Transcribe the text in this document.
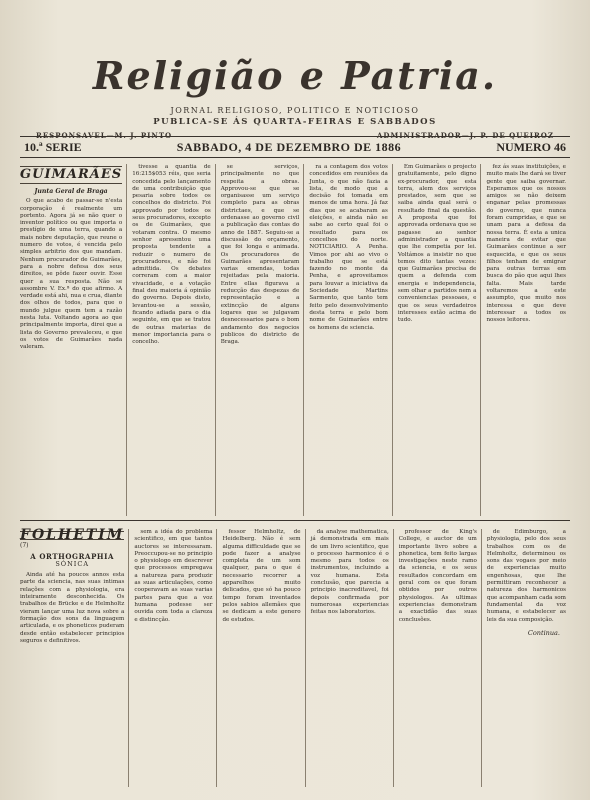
Religião e Patria.
JORNAL RELIGIOSO, POLITICO E NOTICIOSO
PUBLICA-SE ÁS QUARTA-FEIRAS E SABBADOS
RESPONSAVEL—M. J. PINTO	ADMINISTRADOR—J. P. DE QUEIROZ
10.ª SERIE	SABBADO, 4 DE DEZEMBRO DE 1886	NUMERO 46
GUIMARÃES
Junta Geral de Braga

O que acabo de passar-se n'esta corporação é realmente um portento. Agora já se não quer o inventor político ou que importa o prestígio de uma terra, quando a mais nobre deputação, que reune o numero de votos, é vencida pelo simples arbitrio dos que mandam. Nenhum procurador de Guimarães, para a nobre defesa dos seus direitos, se pôde fazer ouvir. Esse quer a sua resposta. Não se assombre V. Ex.ª do que afirmo. A verdade está ahi, nua e crua, diante dos olhos de todos, para que o mundo julgue quem tem a razão nesta luta. Voltando agora ao que principalmente importa, direi que a lista do Governo prevaleceu, e que os votos de Guimarães nada valeram.

tivesse a quantia de 16:215$053 réis, que seria concedida pelo lançamento de uma contribuição que pesaria sobre todos os concelhos do districto. Foi approvado por todos os seus procuradores, excepto os de Guimarães, que votaram contra. O mesmo senhor apresentou uma proposta tendente a reduzir o numero de procuradores, e não foi admittida. Os debates correram com a maior vivacidade, e a votação final deu maioria á opinião do governo. Depois disto, levantou-se a sessão, ficando adiada para o dia seguinte, em que se tratou de outras materias de menor importancia para o concelho.

se serviços, principalmente no que respeita a obras. Approvou-se que se organisasse um serviço completo para as obras districtaes, e que se ordenasse ao governo civil a publicação das contas do anno de 1887. Seguiu-se a discussão do orçamento, que foi longa e animada. Os procuradores de Guimarães apresentaram varias emendas, todas rejeitadas pela maioria. Entre ellas figurava a reducção das despezas de representação e a extincção de alguns logares que se julgavam desnecessarios para o bom andamento dos negocios publicos do districto de Braga.

ra a contagem dos votos concedidos em reuniões da Junta, o que não fazia a lista, de modo que a decisão foi tomada em menos de uma hora. Já faz dias que se acabaram as eleições, e ainda não se sabe ao certo qual foi o resultado para os concelhos do norte. NOTICIARIO. A Penha. Vimos por ahi ao vivo o trabalho que se está fazendo no monte da Penha, e aproveitamos para louvar a iniciativa da Sociedade Martins Sarmento, que tanto tem feito pelo desenvolvimento desta terra e pelo bom nome de Guimarães entre os homens de sciencia.

Em Guimarães o projecto gratuitamente, pelo digno ex-procurador, que esta terra, alem dos serviços prestados, sem que se saiba ainda qual será o resultado final da questão. A proposta que foi approvada ordenava que se pagasse ao senhor administrador a quantia que lhe competia por lei. Voltámos a insistir no que temos dito tantas vezes: que Guimarães precisa de quem a defenda com energia e independencia, sem olhar a partidos nem a conveniencias pessoaes, e que os seus verdadeiros interesses estão acima de tudo.

fez ás suas instituições, e muito mais lhe dará se tiver gente que saiba governar. Esperamos que os nossos amigos se não deixem enganar pelas promessas do governo, que nunca foram cumpridas, e que se unam para a defesa da nossa terra. É esta a unica maneira de evitar que Guimarães continue a ser esquecida, e que os seus filhos tenham de emigrar para outras terras em busca do pão que aqui lhes falta. Mais tarde voltaremos a este assumpto, que muito nos interessa e que deve interessar a todos os nossos leitores.

FOLHETIM
(7)
A ORTHOGRAPHIA
SÓNICA

Ainda até ha poucos annos esta parte da sciencia, nas suas intimas relações com a physiologia, era inteiramente desconhecida. Os trabalhos de Brücke e de Helmholtz vieram lançar uma luz nova sobre a formação dos sons da linguagem articulada, e os phoneticos puderam desde então estabelecer principios seguros e definitivos.

sem a idéa do problema scientifico, em que tantos auctores se interessaram. Preoccupou-se no principio o physiologo em descrever que processos empregava a natureza para produzir as suas articulações, como cooperavam as suas varias partes para que a voz humana podesse ser ouvida com toda a clareza e distincção.

fessor Helmholtz, de Heidelberg. Não é sem alguma difficuldade que se pode fazer a analyse completa de um som qualquer, para o que é necessario recorrer a apparelhos muito delicados, que só ha pouco tempo foram inventados pelos sabios allemães que se dedicam a este genero de estudos.

da analyse mathematica, já demonstrada em mais de um livro scientifico, que o processo harmonico é o mesmo para todos os instrumentos, incluindo a voz humana. Esta conclusão, que parecia a principio inacreditavel, foi depois confirmada por numerosas experiencias feitas nos laboratorios.

professor de King's College, e auctor de um importante livro sobre a phonetica, tem feito largas investigações neste ramo da sciencia, e os seus resultados concordam em geral com os que foram obtidos por outros physiologos. As ultimas experiencias demonstram a exactidão das suas conclusões.

de Edimburgo, a physiologia, pelo dos seus trabalhos com os de Helmholtz, determinou os sons das vogaes por meio de experiencias muito engenhosas, que lhe permittiram reconhecer a natureza dos harmonicos que acompanham cada som fundamental da voz humana, e estabelecer as leis da sua composição.

Continua.
